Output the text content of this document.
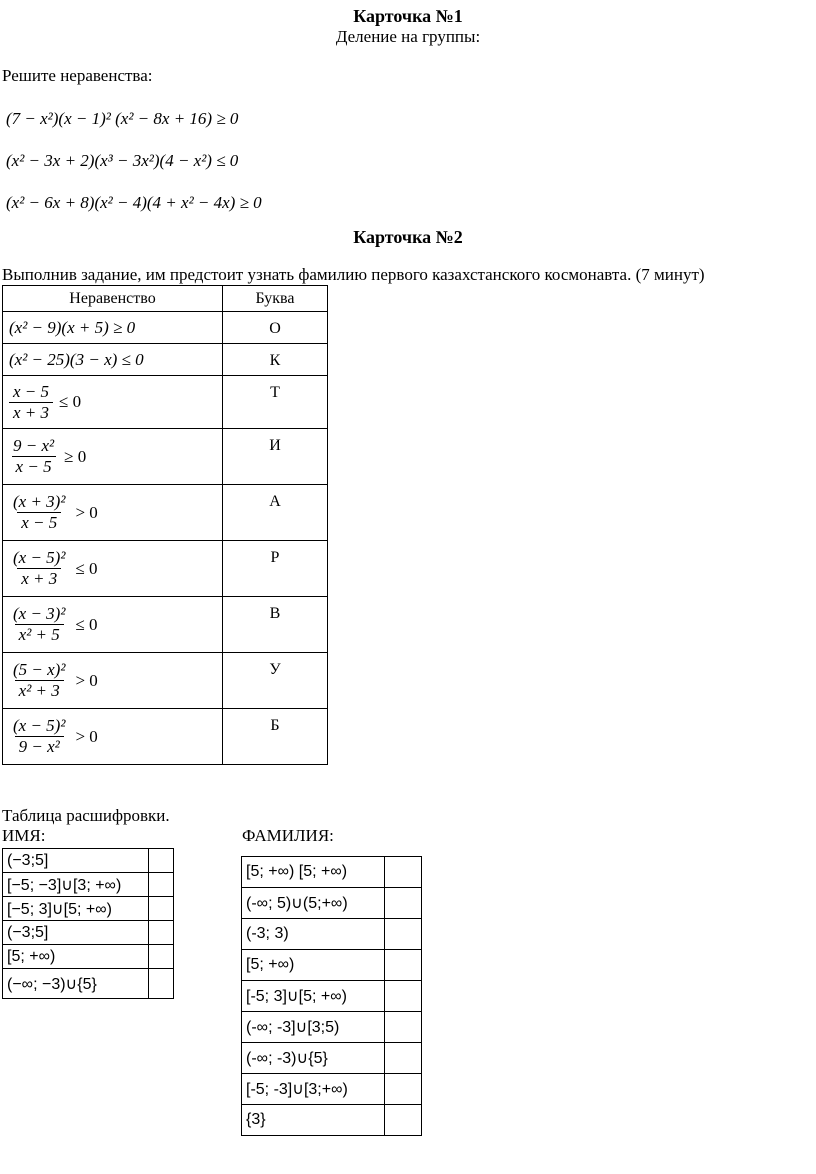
Карточка №1
Деление на группы:
Решите неравенства:
(7 − x²)(x − 1)² (x² − 8x + 16) ≥ 0
(x² − 3x + 2)(x³ − 3x²)(4 − x²) ≤ 0
(x² − 6x + 8)(x² − 4)(4 + x² − 4x) ≥ 0
Карточка №2
Выполнив задание, им предстоит узнать фамилию первого казахстанского космонавта. (7 минут)
Неравенство	Буква
(x² − 9)(x + 5) ≥ 0	О
(x² − 25)(3 − x) ≤ 0	К

$\frac{x - 5}{x + 3} \le 0$	Т

$\frac{\text{9 − x²}}{x - 5} \ge 0$	И

$\frac{\text{(x + 3)²}}{x - 5} > 0$	А

$\frac{\text{(x − 5)²}}{x + 3} \le 0$	Р

$\frac{\text{(x − 3)²}}{\text{x² + 5}} \le 0$	В

$\frac{\text{(5 − x)²}}{\text{x² + 3}} > 0$	У

$\frac{\text{(x − 5)²}}{\text{9 − x²}} > 0$	Б
Таблица расшифровки.
ИМЯ:	ФАМИЛИЯ:
(−3;5]	
[−5; −3]∪[3; +∞)	
[−5; 3]∪[5; +∞)	
(−3;5]	
[5; +∞)	
(−∞; −3)∪{5}	
[5; +∞) [5; +∞)	
(-∞; 5)∪(5;+∞)	
(-3; 3)	
[5; +∞)	
[-5; 3]∪[5; +∞)	
(-∞; -3]∪[3;5)	
(-∞; -3)∪{5}	
[-5; -3]∪[3;+∞)	
{3}	
